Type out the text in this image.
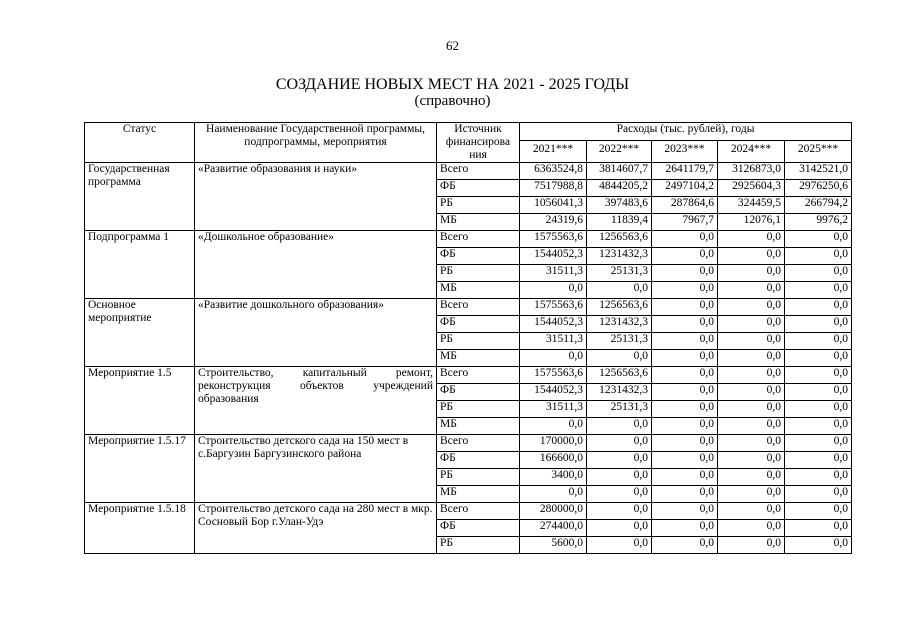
62
СОЗДАНИЕ НОВЫХ МЕСТ НА 2021 - 2025 ГОДЫ
(справочно)
Статус	Наименование Государственной программы, подпрограммы, мероприятия	Источник финансирова ния	Расходы (тыс. рублей), годы				
			2021***	2022***	2023***	2024***	2025***
Государственная программа	«Развитие образования и науки»	Всего	6363524,8	3814607,7	2641179,7	3126873,0	3142521,0
		ФБ	7517988,8	4844205,2	2497104,2	2925604,3	2976250,6
		РБ	1056041,3	397483,6	287864,6	324459,5	266794,2
		МБ	24319,6	11839,4	7967,7	12076,1	9976,2
Подпрограмма 1	«Дошкольное образование»	Всего	1575563,6	1256563,6	0,0	0,0	0,0
		ФБ	1544052,3	1231432,3	0,0	0,0	0,0
		РБ	31511,3	25131,3	0,0	0,0	0,0
		МБ	0,0	0,0	0,0	0,0	0,0
Основное мероприятие	«Развитие дошкольного образования»	Всего	1575563,6	1256563,6	0,0	0,0	0,0
		ФБ	1544052,3	1231432,3	0,0	0,0	0,0
		РБ	31511,3	25131,3	0,0	0,0	0,0
		МБ	0,0	0,0	0,0	0,0	0,0
Мероприятие 1.5	Строительство, капитальный ремонт, реконструкция объектов учреждений образования	Всего	1575563,6	1256563,6	0,0	0,0	0,0
		ФБ	1544052,3	1231432,3	0,0	0,0	0,0
		РБ	31511,3	25131,3	0,0	0,0	0,0
		МБ	0,0	0,0	0,0	0,0	0,0
Мероприятие 1.5.17	Строительство детского сада на 150 мест в с.Баргузин Баргузинского района	Всего	170000,0	0,0	0,0	0,0	0,0
		ФБ	166600,0	0,0	0,0	0,0	0,0
		РБ	3400,0	0,0	0,0	0,0	0,0
		МБ	0,0	0,0	0,0	0,0	0,0
Мероприятие 1.5.18	Строительство детского сада на 280 мест в мкр. Сосновый Бор г.Улан-Удэ	Всего	280000,0	0,0	0,0	0,0	0,0
		ФБ	274400,0	0,0	0,0	0,0	0,0
		РБ	5600,0	0,0	0,0	0,0	0,0
